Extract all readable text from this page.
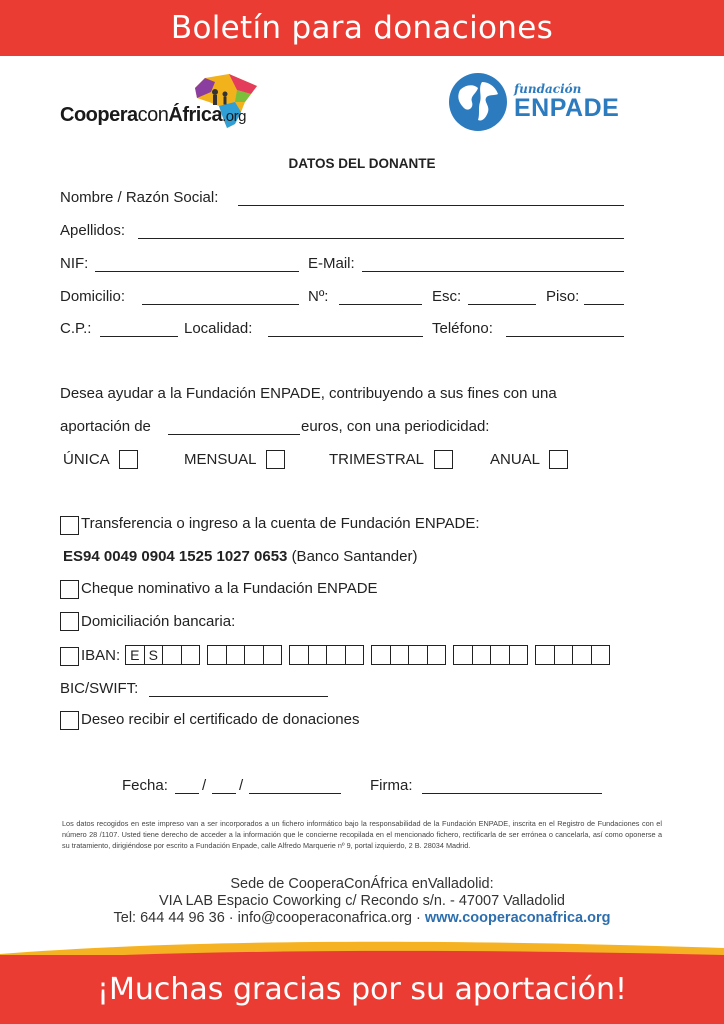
Boletín para donaciones
CooperaconÁfrica.org
fundación
ENPADE
DATOS DEL DONANTE
Nombre / Razón Social:
Apellidos:
NIF:	E-Mail:
Domicilio:	Nº:	Esc:	Piso:
C.P.:	Localidad:	Teléfono:
Desea ayudar a la Fundación ENPADE, contribuyendo a sus fines con una
aportación de	euros, con una periodicidad:
ÚNICA	MENSUAL	TRIMESTRAL	ANUAL
Transferencia o ingreso a la cuenta de Fundación ENPADE:
ES94 0049 0904 1525 1027 0653 (Banco Santander)
Cheque nominativo a la Fundación ENPADE
Domiciliación bancaria:
IBAN: E S
BIC/SWIFT:
Deseo recibir el certificado de donaciones
Fecha: / /	Firma:
Los datos recogidos en este impreso van a ser incorporados a un fichero informático bajo la responsabilidad de la Fundación ENPADE, inscrita en el Registro de Fundaciones con el número 28 /1107. Usted tiene derecho de acceder a la información que le concierne recopilada en el mencionado fichero, rectificarla de ser errónea o cancelarla, así como oponerse a su tratamiento, dirigiéndose por escrito a Fundación Enpade, calle Alfredo Marquerie nº 9, portal izquierdo, 2 B. 28034 Madrid.
Sede de CooperaConÁfrica enValladolid:
VIA LAB Espacio Coworking c/ Recondo s/n. - 47007 Valladolid
Tel: 644 44 96 36 · info@cooperaconafrica.org · www.cooperaconafrica.org
¡Muchas gracias por su aportación!
